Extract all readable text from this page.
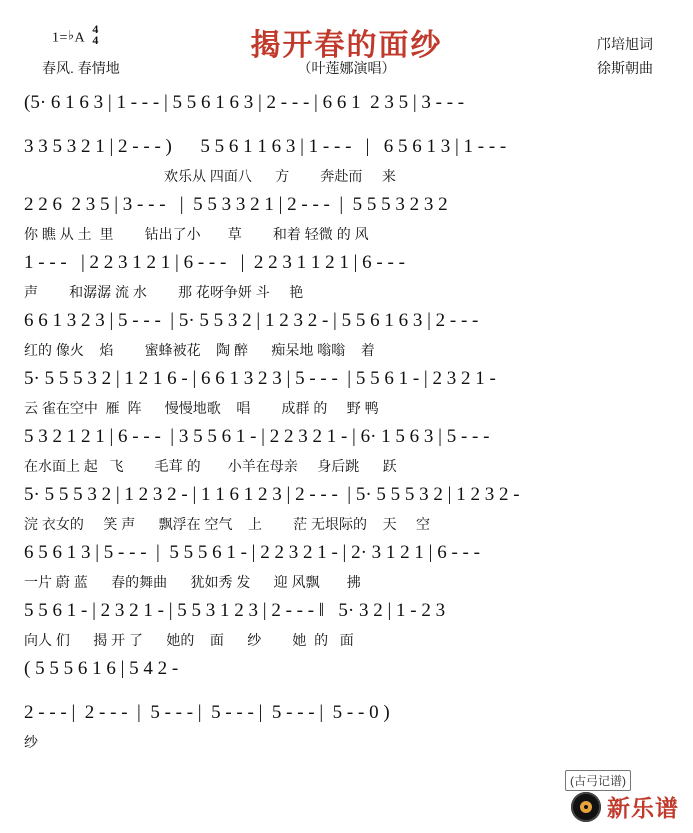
1=♭A
4
4
春风. 春情地
揭开春的面纱
（叶莲娜演唱）
邝培旭词
徐斯朝曲
(5· 6 1 6 3 | 1 - - - | 5 5 6 1 6 3 | 2 - - - | 6 6 1  2 3 5 | 3 - - -
3 3 5 3 2 1 | 2 - - - )      5 5 6 1 1 6 3 | 1 - - -   |   6 5 6 1 3 | 1 - - -
欢乐从 四面八      方        奔赴而     来
2 2 6  2 3 5 | 3 - - -   |  5 5 3 3 2 1 | 2 - - -  |  5 5 5 3 2 3 2
你 瞧 从 土  里        钻出了小       草        和着 轻微 的 风
1 - - -   | 2 2 3 1 2 1 | 6 - - -   |  2 2 3 1 1 2 1 | 6 - - -
声        和潺潺 流 水        那 花呀争妍 斗     艳
6 6 1 3 2 3 | 5 - - -  | 5· 5 5 3 2 | 1 2 3 2 - | 5 5 6 1 6 3 | 2 - - -
红的 像火    焰        蜜蜂被花    陶 醉      痴呆地 嗡嗡    着
5· 5 5 5 3 2 | 1 2 1 6 - | 6 6 1 3 2 3 | 5 - - -  | 5 5 6 1 - | 2 3 2 1 -
云 雀在空中  雁  阵      慢慢地歌    唱        成群 的     野 鸭
5 3 2 1 2 1 | 6 - - -  | 3 5 5 6 1 - | 2 2 3 2 1 - | 6· 1 5 6 3 | 5 - - -
在水面上 起   飞        毛茸 的       小羊在母亲     身后跳      跃
5· 5 5 5 3 2 | 1 2 3 2 - | 1 1 6 1 2 3 | 2 - - -  | 5· 5 5 5 3 2 | 1 2 3 2 -
浣 衣女的     笑 声      飘浮在 空气    上        茫 无垠际的    天     空
6 5 6 1 3 | 5 - - -  |  5 5 5 6 1 - | 2 2 3 2 1 - | 2· 3 1 2 1 | 6 - - -
一片 蔚 蓝      春的舞曲      犹如秀 发      迎 风飘       拂
5 5 6 1 - | 2 3 2 1 - | 5 5 3 1 2 3 | 2 - - - ‖   5· 3 2 | 1 - 2 3
向人 们      揭 开 了      她的    面      纱        她  的   面
( 5 5 5 6 1 6 | 5 4 2 -
2 - - - |  2 - - -  |  5 - - - |  5 - - - |  5 - - - |  5 - - 0 )
纱
(古弓记谱)
新乐谱
